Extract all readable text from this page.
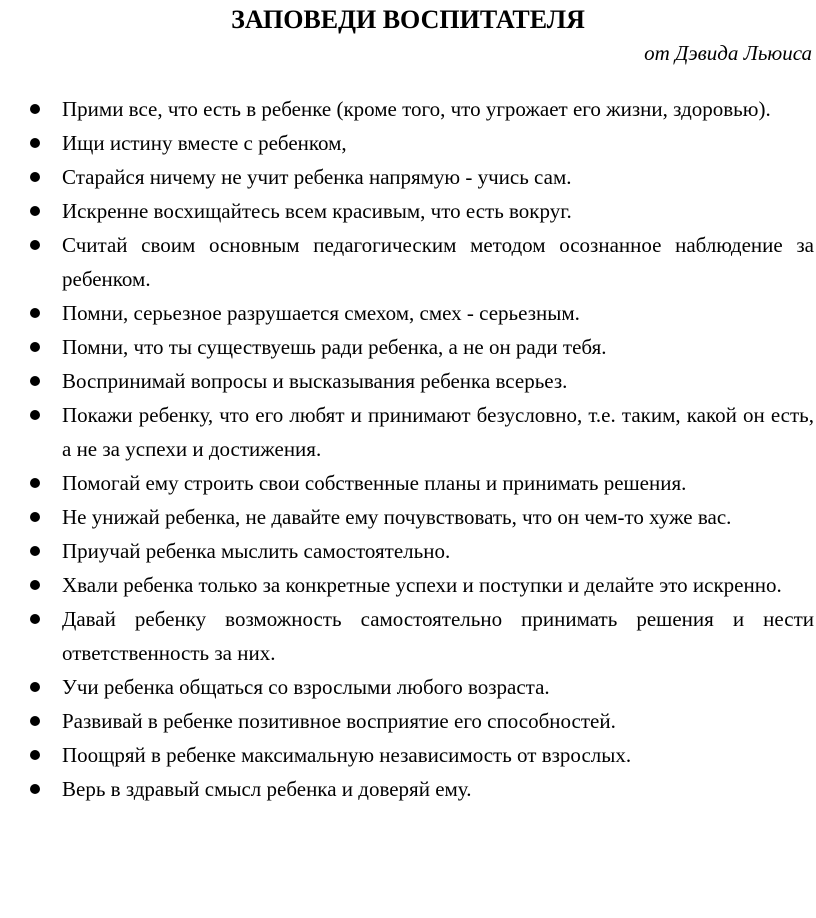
ЗАПОВЕДИ ВОСПИТАТЕЛЯ

от Дэвида Льюиса

Прими все, что есть в ребенке (кроме того, что угрожает его жизни, здоровью).
Ищи истину вместе с ребенком,
Старайся ничему не учит ребенка напрямую - учись сам.
Искренне восхищайтесь всем красивым, что есть вокруг.
Считай своим основным педагогическим методом осознанное наблюдение за ребенком.
Помни, серьезное разрушается смехом, смех - серьезным.
Помни, что ты существуешь ради ребенка, а не он ради тебя.
Воспринимай вопросы и высказывания ребенка всерьез.
Покажи ребенку, что его любят и принимают безусловно, т.е. таким, какой он есть, а не за успехи и достижения.
Помогай ему строить свои собственные планы и принимать решения.
Не унижай ребенка, не давайте ему почувствовать, что он чем-то хуже вас.
Приучай ребенка мыслить самостоятельно.
Хвали ребенка только за конкретные успехи и поступки и делайте это искренно.
Давай ребенку возможность самостоятельно принимать решения и нести ответственность за них.
Учи ребенка общаться со взрослыми любого возраста.
Развивай в ребенке позитивное восприятие его способностей.
Поощряй в ребенке максимальную независимость от взрослых.
Верь в здравый смысл ребенка и доверяй ему.
